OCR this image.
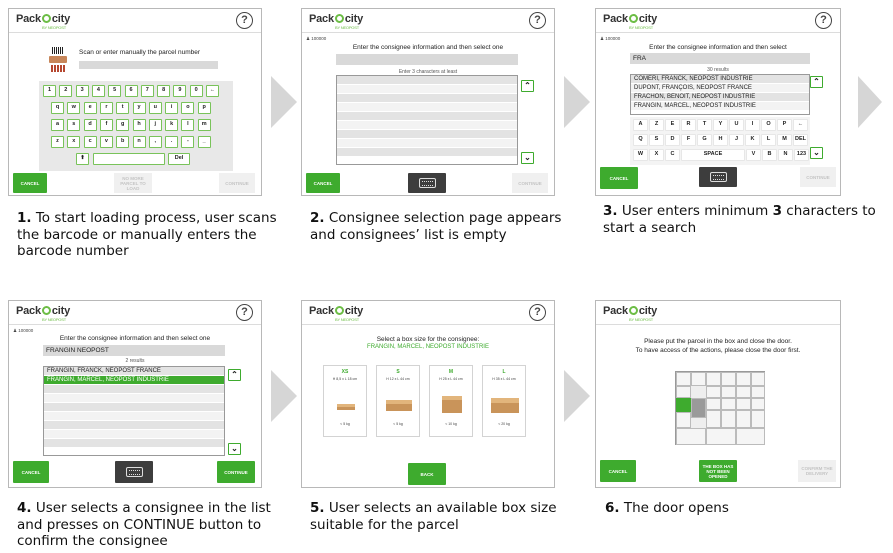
Pack city
BY NEOPOST
?
Scan or enter manually the parcel number
1	2	3	4	5	6	7	8	9	0	←
q	w	e	r	t	y	u	i	o	p
a	s	d	f	g	h	j	k	l	m
z	x	c	v	b	n	,	.	-	_
⬆	Del
CANCEL
NO MORE PARCEL TO LOAD
CONTINUE
Pack city
BY NEOPOST
?
♟ 100000
Enter the consignee information and then select one
Enter 3 characters at least
⌃
⌄
CANCEL	CONTINUE
Pack city
BY NEOPOST
?
♟ 100000
Enter the consignee information and then select
FRA
30 results
COMERI, FRANCK, NEOPOST INDUSTRIE
DUPONT, FRANÇOIS, NEOPOST FRANCE
FRACHON, BENOIT, NEOPOST INDUSTRIE
FRANGIN, MARCEL, NEOPOST INDUSTRIE
⌃
⌄
A	Z	E	R	T	Y	U	I	O	P	←
Q	S	D	F	G	H	J	K	L	M	DEL
W	X	C	SPACE	V	B	N	123
CANCEL	CONTINUE
1. To start loading process, user scans the barcode or manually enters the barcode number
2. Consignee selection page appears and consignees’ list is empty
3. User enters minimum 3 characters to start a search
Pack city
BY NEOPOST
?
♟ 100000
Enter the consignee information and then select one
FRANGIN NEOPOST
2 results
FRANGIN, FRANCK, NEOPOST FRANCE
FRANGIN, MARCEL, NEOPOST INDUSTRIE
⌃
⌄
CANCEL	CONTINUE
Pack city
BY NEOPOST
?
Select a box size for the consignee:
FRANGIN, MARCEL, NEOPOST INDUSTRIE
XS
H 8,5 x L 18 cm
< 5 kg
S
H 12 x L 44 cm
< 5 kg
M
H 25 x L 44 cm
< 10 kg
L
H 35 x L 44 cm
< 20 kg
BACK
Pack city
BY NEOPOST
Please put the parcel in the box and close the door.
To have access of the actions, please close the door first.
CANCEL
THE BOX HAS NOT BEEN OPENED
CONFIRM THE DELIVERY
4. User selects a consignee in the list and presses on CONTINUE button to confirm the consignee
5. User selects an available box size suitable for the parcel
6. The door opens
